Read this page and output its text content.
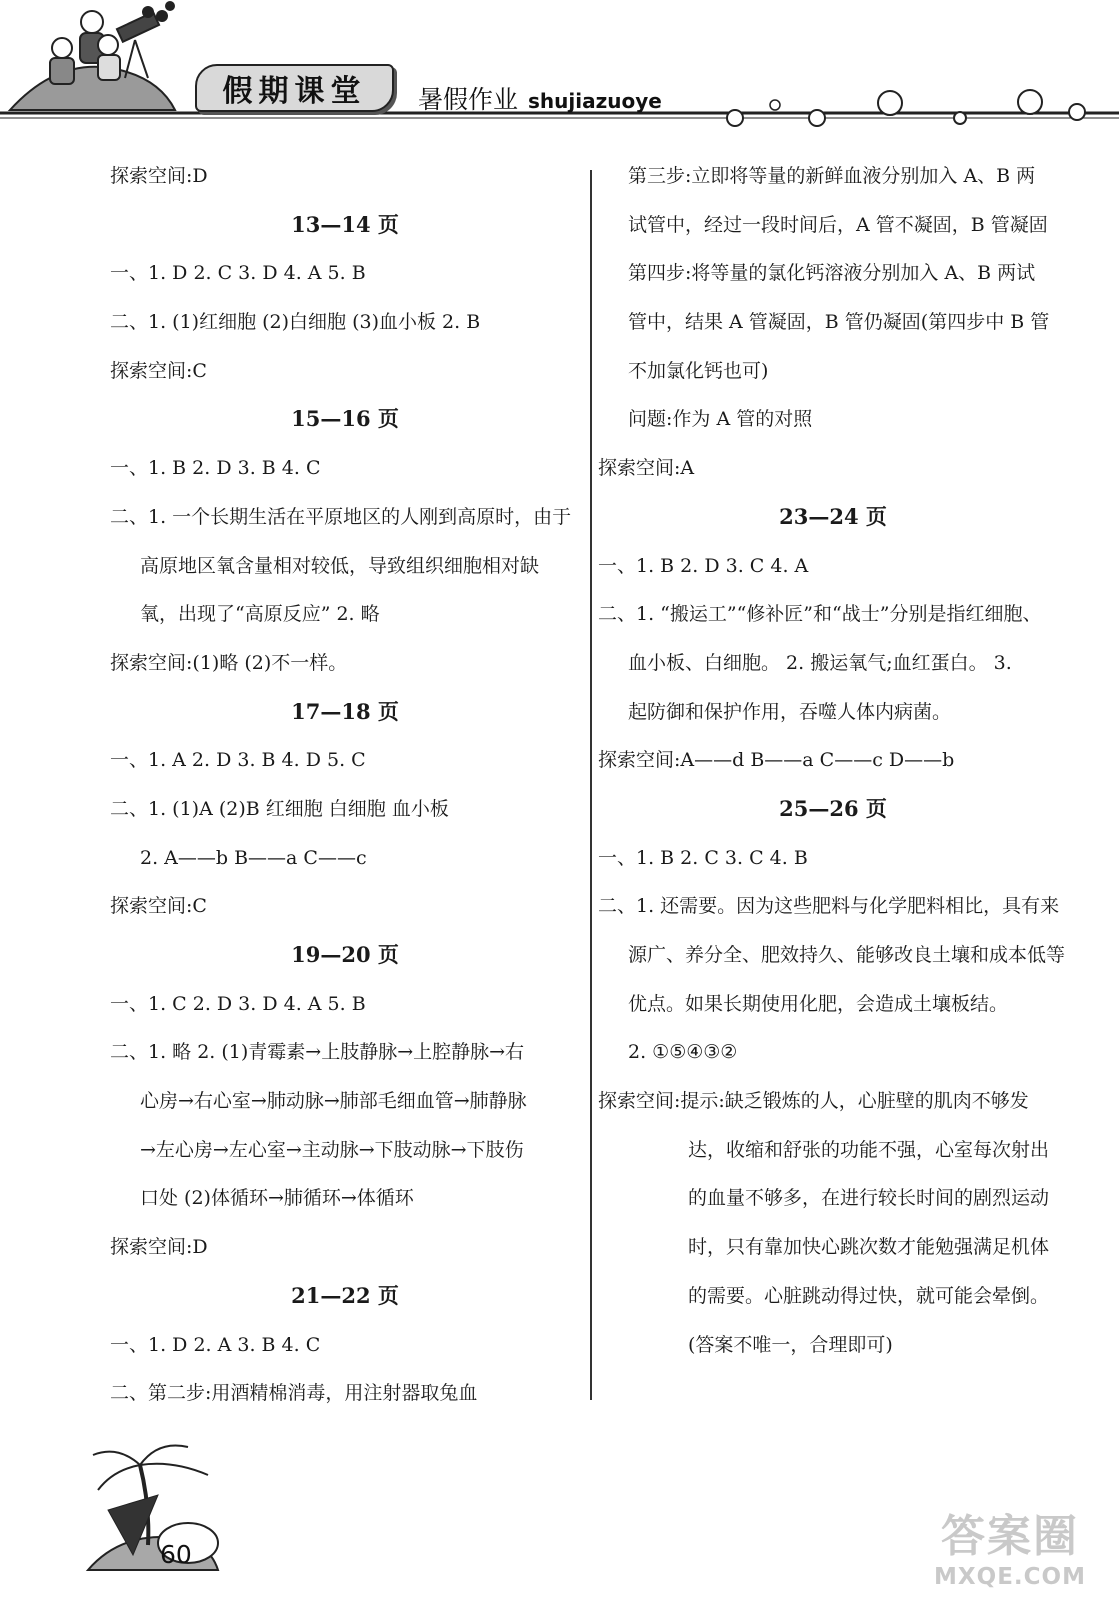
假期课堂	暑假作业 shujiazuoye
探索空间:D
13—14 页
一、1. D 2. C 3. D 4. A 5. B
二、1. (1)红细胞 (2)白细胞 (3)血小板 2. B
探索空间:C
15—16 页
一、1. B 2. D 3. B 4. C
二、1. 一个长期生活在平原地区的人刚到高原时，由于
高原地区氧含量相对较低，导致组织细胞相对缺
氧，出现了“高原反应” 2. 略
探索空间:(1)略 (2)不一样。
17—18 页
一、1. A 2. D 3. B 4. D 5. C
二、1. (1)A (2)B 红细胞 白细胞 血小板
2. A——b B——a C——c
探索空间:C
19—20 页
一、1. C 2. D 3. D 4. A 5. B
二、1. 略 2. (1)青霉素→上肢静脉→上腔静脉→右
心房→右心室→肺动脉→肺部毛细血管→肺静脉
→左心房→左心室→主动脉→下肢动脉→下肢伤
口处 (2)体循环→肺循环→体循环
探索空间:D
21—22 页
一、1. D 2. A 3. B 4. C
二、第二步:用酒精棉消毒，用注射器取兔血
第三步:立即将等量的新鲜血液分别加入 A、B 两
试管中，经过一段时间后，A 管不凝固，B 管凝固
第四步:将等量的氯化钙溶液分别加入 A、B 两试
管中，结果 A 管凝固，B 管仍凝固(第四步中 B 管
不加氯化钙也可)
问题:作为 A 管的对照
探索空间:A
23—24 页
一、1. B 2. D 3. C 4. A
二、1. “搬运工”“修补匠”和“战士”分别是指红细胞、
血小板、白细胞。 2. 搬运氧气;血红蛋白。 3.
起防御和保护作用，吞噬人体内病菌。
探索空间:A——d B——a C——c D——b
25—26 页
一、1. B 2. C 3. C 4. B
二、1. 还需要。因为这些肥料与化学肥料相比，具有来
源广、养分全、肥效持久、能够改良土壤和成本低等
优点。如果长期使用化肥，会造成土壤板结。
2. ①⑤④③②
探索空间:提示:缺乏锻炼的人，心脏壁的肌肉不够发
达，收缩和舒张的功能不强，心室每次射出
的血量不够多，在进行较长时间的剧烈运动
时，只有靠加快心跳次数才能勉强满足机体
的需要。心脏跳动得过快，就可能会晕倒。
(答案不唯一，合理即可)
60	答案圈
MXQE.COM
